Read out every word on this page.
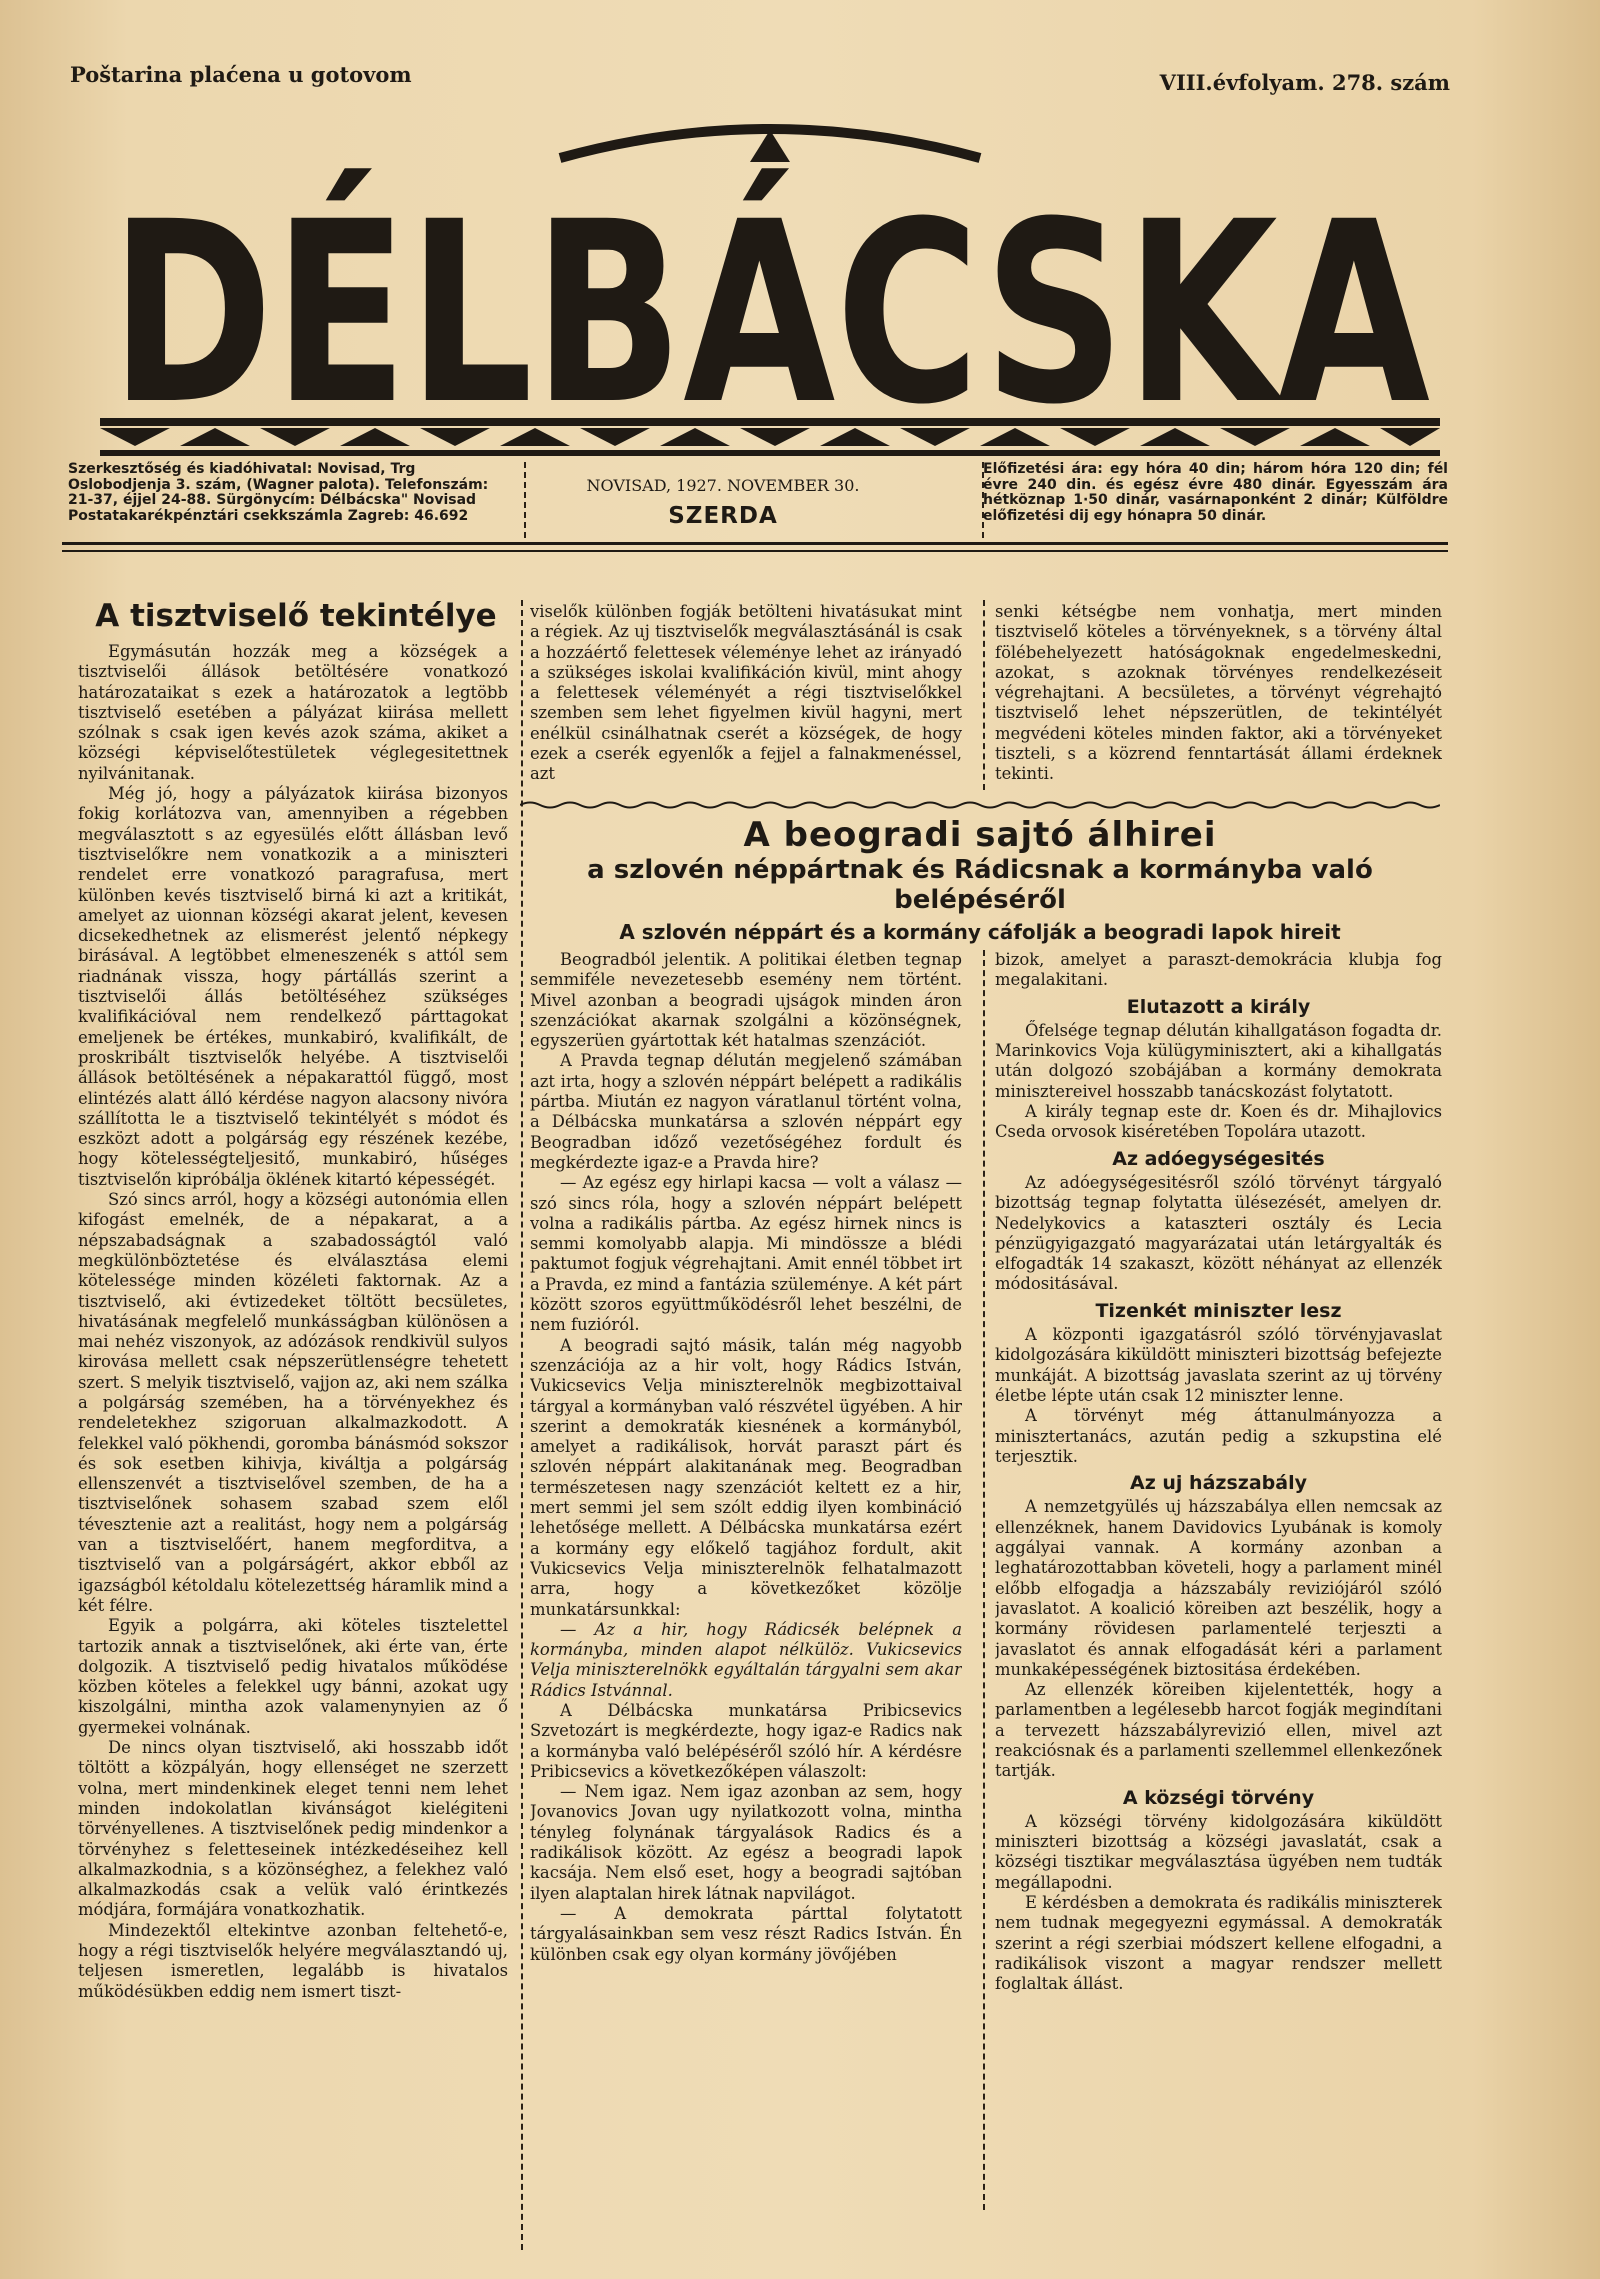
Poštarina plaćena u gotovom	VIII.évfolyam. 278. szám
DÉLBÁCSKA
Szerkesztőség és kiadóhivatal: Novisad, Trg Oslobodjenja 3. szám, (Wagner palota). Telefonszám: 21-37, éjjel 24-88. Sürgönycím: Délbácska" Novisad Postatakarékpénztári csekkszámla Zagreb: 46.692
NOVISAD, 1927. NOVEMBER 30.
SZERDA
Előfizetési ára: egy hóra 40 din; három hóra 120 din; fél évre 240 din. és egész évre 480 dinár. Egyesszám ára hétköznap 1·50 dinár, vasárnaponként 2 dinár; Külföldre előfizetési dij egy hónapra 50 dinár.
A tisztviselő tekintélye

Egymásután hozzák meg a községek a tisztviselői állások betöltésére vonatkozó határozataikat s ezek a határozatok a legtöbb tisztviselő esetében a pályázat kiirása mellett szólnak s csak igen kevés azok száma, akiket a községi képviselőtestületek véglegesitettnek nyilvánitanak.

Még jó, hogy a pályázatok kiirása bizonyos fokig korlátozva van, amennyiben a régebben megválasztott s az egyesülés előtt állásban levő tisztviselőkre nem vonatkozik a a miniszteri rendelet erre vonatkozó paragrafusa, mert különben kevés tisztviselő birná ki azt a kritikát, amelyet az uionnan községi akarat jelent, kevesen dicsekedhetnek az elismerést jelentő népkegy birásával. A legtöbbet elmeneszenék s attól sem riadnának vissza, hogy pártállás szerint a tisztviselői állás betöltéséhez szükséges kvalifikációval nem rendelkező párttagokat emeljenek be értékes, munkabiró, kvalifikált, de proskribált tisztviselők helyébe. A tisztviselői állások betöltésének a népakarattól függő, most elintézés alatt álló kérdése nagyon alacsony nivóra szállította le a tisztviselő tekintélyét s módot és eszközt adott a polgárság egy részének kezébe, hogy kötelességteljesitő, munkabiró, hűséges tisztviselőn kipróbálja öklének kitartó képességét.

Szó sincs arról, hogy a községi autonómia ellen kifogást emelnék, de a népakarat, a a népszabadságnak a szabadosságtól való megkülönböztetése és elválasztása elemi kötelessége minden közéleti faktornak. Az a tisztviselő, aki évtizedeket töltött becsületes, hivatásának megfelelő munkásságban különösen a mai nehéz viszonyok, az adózások rendkivül sulyos kirovása mellett csak népszerütlenségre tehetett szert. S melyik tisztviselő, vajjon az, aki nem szálka a polgárság szemében, ha a törvényekhez és rendeletekhez szigoruan alkalmazkodott. A felekkel való pökhendi, goromba bánásmód sokszor és sok esetben kihivja, kiváltja a polgárság ellenszenvét a tisztviselővel szemben, de ha a tisztviselőnek sohasem szabad szem elől tévesztenie azt a realitást, hogy nem a polgárság van a tisztviselőért, hanem megforditva, a tisztviselő van a polgárságért, akkor ebből az igazságból kétoldalu kötelezettség háramlik mind a két félre.

Egyik a polgárra, aki köteles tisztelettel tartozik annak a tisztviselőnek, aki érte van, érte dolgozik. A tisztviselő pedig hivatalos működése közben köteles a felekkel ugy bánni, azokat ugy kiszolgálni, mintha azok valamenynyien az ő gyermekei volnának.

De nincs olyan tisztviselő, aki hosszabb időt töltött a közpályán, hogy ellenséget ne szerzett volna, mert mindenkinek eleget tenni nem lehet minden indokolatlan kivánságot kielégiteni törvényellenes. A tisztviselőnek pedig mindenkor a törvényhez s feletteseinek intézkedéseihez kell alkalmazkodnia, s a közönséghez, a felekhez való alkalmazkodás csak a velük való érintkezés módjára, formájára vonatkozhatik.

Mindezektől eltekintve azonban feltehető-e, hogy a régi tisztviselők helyére megválasztandó uj, teljesen ismeretlen, legalább is hivatalos működésükben eddig nem ismert tiszt-

viselők különben fogják betölteni hivatásukat mint a régiek. Az uj tisztviselők megválasztásánál is csak a hozzáértő felettesek véleménye lehet az irányadó a szükséges iskolai kvalifikáción kivül, mint ahogy a felettesek véleményét a régi tisztviselőkkel szemben sem lehet figyelmen kivül hagyni, mert enélkül csinálhatnak cserét a községek, de hogy ezek a cserék egyenlők a fejjel a falnakmenéssel, azt

senki kétségbe nem vonhatja, mert minden tisztviselő köteles a törvényeknek, s a törvény által fölébehelyezett hatóságoknak engedelmeskedni, azokat, s azoknak törvényes rendelkezéseit végrehajtani. A becsületes, a törvényt végrehajtó tisztviselő lehet népszerütlen, de tekintélyét megvédeni köteles minden faktor, aki a törvényeket tiszteli, s a közrend fenntartását állami érdeknek tekinti.

A beogradi sajtó álhirei
a szlovén néppártnak és Rádicsnak a kormányba való belépéséről
A szlovén néppárt és a kormány cáfolják a beogradi lapok hireit

Beogradból jelentik. A politikai életben tegnap semmiféle nevezetesebb esemény nem történt. Mivel azonban a beogradi ujságok minden áron szenzációkat akarnak szolgálni a közönségnek, egyszerüen gyártottak két hatalmas szenzációt.

A Pravda tegnap délután megjelenő számában azt irta, hogy a szlovén néppárt belépett a radikális pártba. Miután ez nagyon váratlanul történt volna, a Délbácska munkatársa a szlovén néppárt egy Beogradban időző vezetőségéhez fordult és megkérdezte igaz-e a Pravda hire?

— Az egész egy hirlapi kacsa — volt a válasz — szó sincs róla, hogy a szlovén néppárt belépett volna a radikális pártba. Az egész hirnek nincs is semmi komolyabb alapja. Mi mindössze a blédi paktumot fogjuk végrehajtani. Amit ennél többet irt a Pravda, ez mind a fantázia szüleménye. A két párt között szoros együttműködésről lehet beszélni, de nem fuzióról.

A beogradi sajtó másik, talán még nagyobb szenzációja az a hir volt, hogy Rádics István, Vukicsevics Velja miniszterelnök megbizottaival tárgyal a kormányban való részvétel ügyében. A hir szerint a demokraták kiesnének a kormányból, amelyet a radikálisok, horvát paraszt párt és szlovén néppárt alakitanának meg. Beogradban természetesen nagy szenzációt keltett ez a hir, mert semmi jel sem szólt eddig ilyen kombináció lehetősége mellett. A Délbácska munkatársa ezért a kormány egy előkelő tagjához fordult, akit Vukicsevics Velja miniszterelnök felhatalmazott arra, hogy a következőket közölje munkatársunkkal:

— Az a hir, hogy Rádicsék belépnek a kormányba, minden alapot nélkülöz. Vukicsevics Velja miniszterelnökk egyáltalán tárgyalni sem akar Rádics Istvánnal.

A Délbácska munkatársa Pribicsevics Szvetozárt is megkérdezte, hogy igaz-e Radics nak a kormányba való belépéséről szóló hír. A kérdésre Pribicsevics a következőképen válaszolt:

— Nem igaz. Nem igaz azonban az sem, hogy Jovanovics Jovan ugy nyilatkozott volna, mintha tényleg folynának tárgyalások Radics és a radikálisok között. Az egész a beogradi lapok kacsája. Nem első eset, hogy a beogradi sajtóban ilyen alaptalan hirek látnak napvilágot.

— A demokrata párttal folytatott tárgyalásainkban sem vesz részt Radics István. Én különben csak egy olyan kormány jövőjében

bizok, amelyet a paraszt-demokrácia klubja fog megalakitani.

Elutazott a király

Őfelsége tegnap délután kihallgatáson fogadta dr. Marinkovics Voja külügyminisztert, aki a kihallgatás után dolgozó szobájában a kormány demokrata minisztereivel hosszabb tanácskozást folytatott.

A király tegnap este dr. Koen és dr. Mihajlovics Cseda orvosok kiséretében Topolára utazott.

Az adóegységesités

Az adóegységesitésről szóló törvényt tárgyaló bizottság tegnap folytatta ülésezését, amelyen dr. Nedelykovics a kataszteri osztály és Lecia pénzügyigazgató magyarázatai után letárgyalták és elfogadták 14 szakaszt, között néhányat az ellenzék módositásával.

Tizenkét miniszter lesz

A központi igazgatásról szóló törvényjavaslat kidolgozására kiküldött miniszteri bizottság befejezte munkáját. A bizottság javaslata szerint az uj törvény életbe lépte után csak 12 miniszter lenne.

A törvényt még áttanulmányozza a minisztertanács, azután pedig a szkupstina elé terjesztik.

Az uj házszabály

A nemzetgyülés uj házszabálya ellen nemcsak az ellenzéknek, hanem Davidovics Lyubának is komoly aggályai vannak. A kormány azonban a leghatározottabban követeli, hogy a parlament minél előbb elfogadja a házszabály reviziójáról szóló javaslatot. A koalició köreiben azt beszélik, hogy a kormány rövidesen parlamentelé terjeszti a javaslatot és annak elfogadását kéri a parlament munkaképességének biztositása érdekében.

Az ellenzék köreiben kijelentették, hogy a parlamentben a legélesebb harcot fogják megindítani a tervezett házszabályrevizió ellen, mivel azt reakciósnak és a parlamenti szellemmel ellenkezőnek tartják.

A községi törvény

A községi törvény kidolgozására kiküldött miniszteri bizottság a községi javaslatát, csak a községi tisztikar megválasztása ügyében nem tudták megállapodni.

E kérdésben a demokrata és radikális miniszterek nem tudnak megegyezni egymással. A demokraták szerint a régi szerbiai módszert kellene elfogadni, a radikálisok viszont a magyar rendszer mellett foglaltak állást.
